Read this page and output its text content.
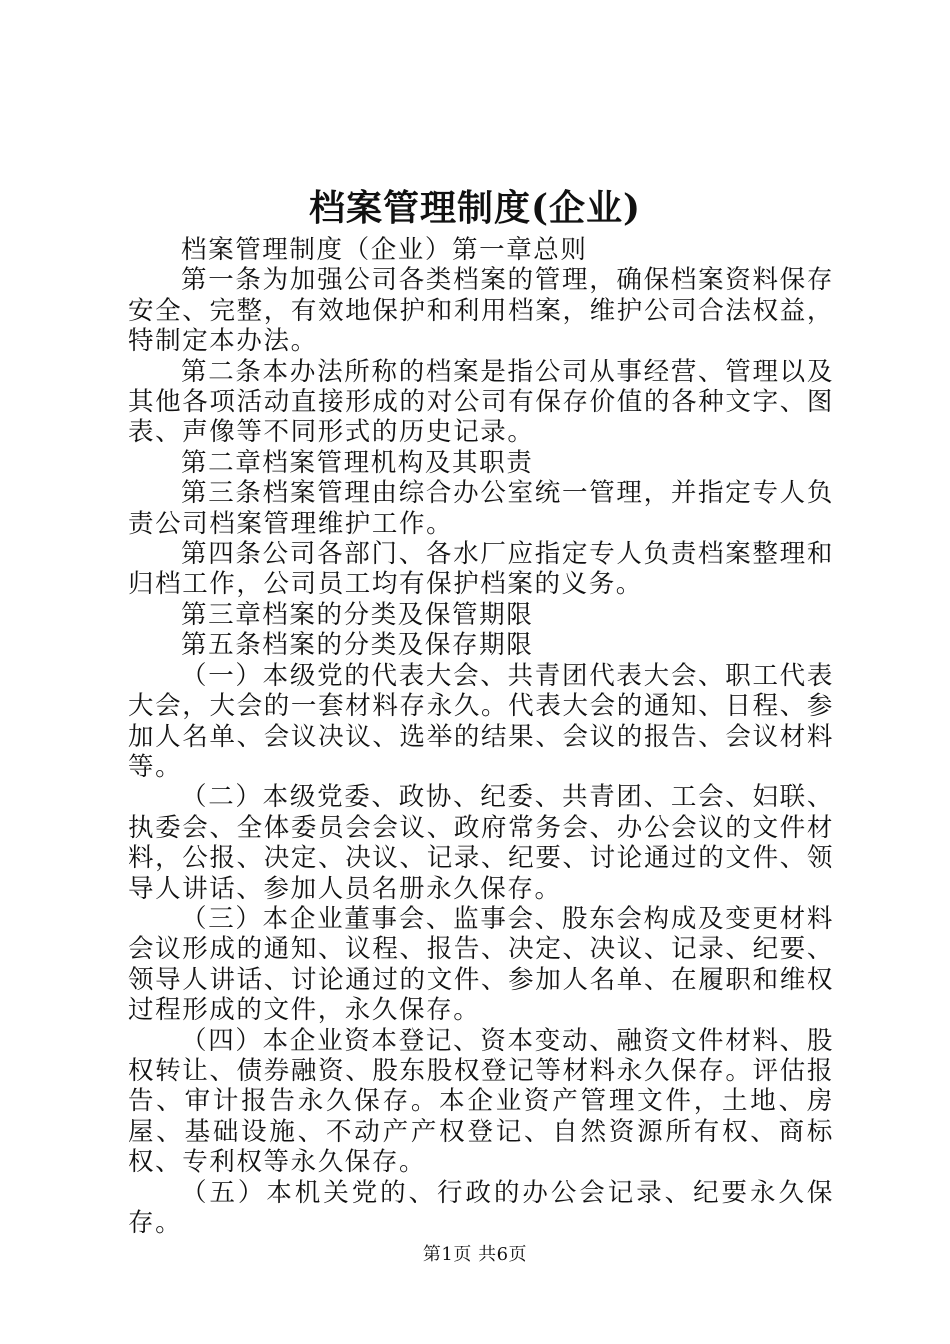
档案管理制度(企业)

档案管理制度（企业）第一章总则

第一条为加强公司各类档案的管理，确保档案资料保存安全、完整，有效地保护和利用档案，维护公司合法权益，特制定本办法。

第二条本办法所称的档案是指公司从事经营、管理以及其他各项活动直接形成的对公司有保存价值的各种文字、图表、声像等不同形式的历史记录。

第二章档案管理机构及其职责

第三条档案管理由综合办公室统一管理，并指定专人负责公司档案管理维护工作。

第四条公司各部门、各水厂应指定专人负责档案整理和归档工作，公司员工均有保护档案的义务。

第三章档案的分类及保管期限

第五条档案的分类及保存期限

（一）本级党的代表大会、共青团代表大会、职工代表大会，大会的一套材料存永久。代表大会的通知、日程、参加人名单、会议决议、选举的结果、会议的报告、会议材料等。

（二）本级党委、政协、纪委、共青团、工会、妇联、执委会、全体委员会会议、政府常务会、办公会议的文件材料，公报、决定、决议、记录、纪要、讨论通过的文件、领导人讲话、参加人员名册永久保存。

（三）本企业董事会、监事会、股东会构成及变更材料会议形成的通知、议程、报告、决定、决议、记录、纪要、领导人讲话、讨论通过的文件、参加人名单、在履职和维权过程形成的文件，永久保存。

（四）本企业资本登记、资本变动、融资文件材料、股权转让、债券融资、股东股权登记等材料永久保存。评估报告、审计报告永久保存。本企业资产管理文件，土地、房屋、基础设施、不动产产权登记、自然资源所有权、商标权、专利权等永久保存。

（五）本机关党的、行政的办公会记录、纪要永久保存。

第1页 共6页
